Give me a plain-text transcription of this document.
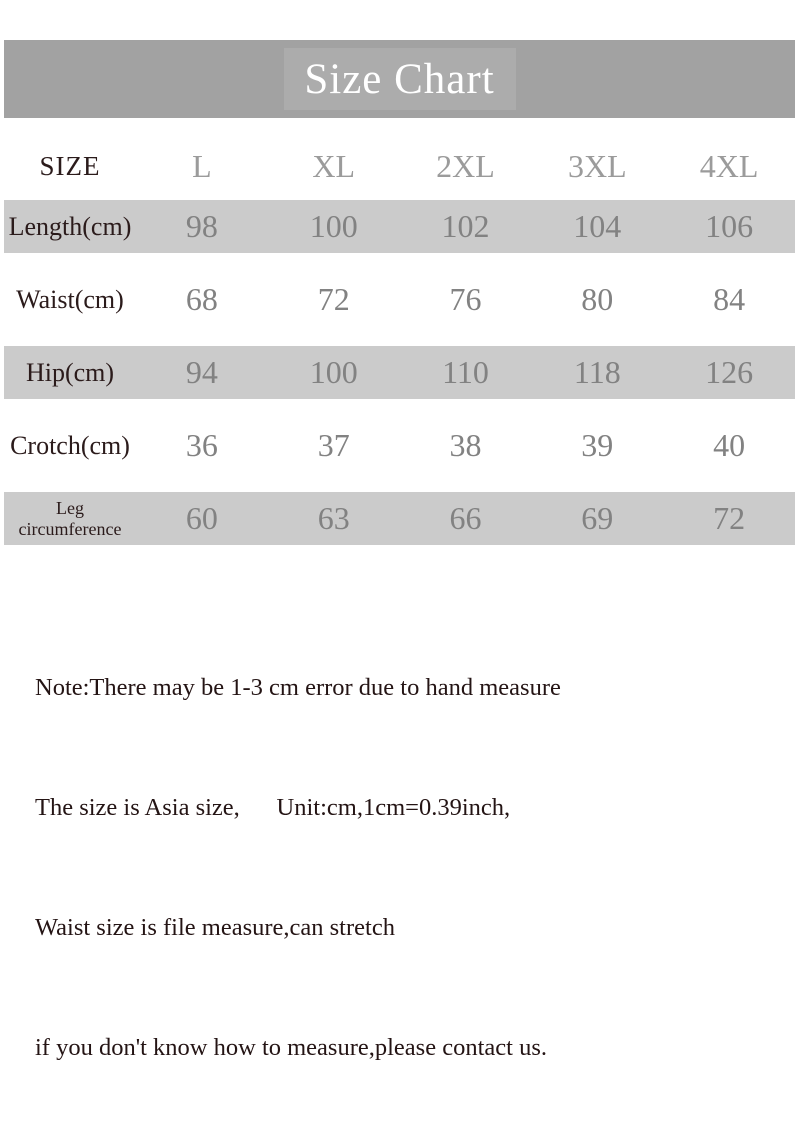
Size Chart
SIZE	L	XL	2XL	3XL	4XL
Length(cm)	98	100	102	104	106
Waist(cm)	68	72	76	80	84
Hip(cm)	94	100	110	118	126
Crotch(cm)	36	37	38	39	40
Leg circumference	60	63	66	69	72

Note:There may be 1-3 cm error due to hand measure

The size is Asia size,      Unit:cm,1cm=0.39inch,

Waist size is file measure,can stretch

if you don't know how to measure,please contact us.
